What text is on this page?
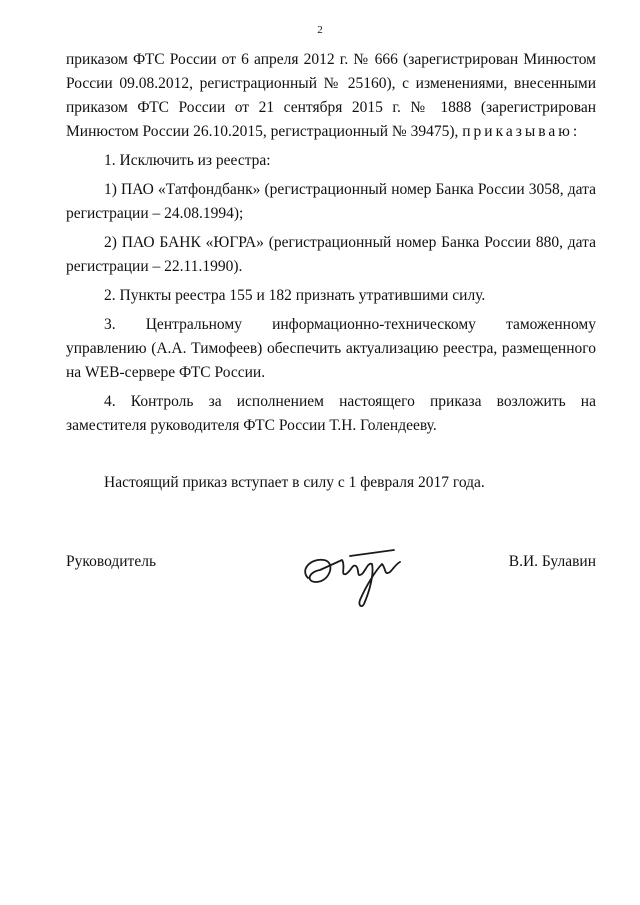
2

приказом ФТС России от 6 апреля 2012 г. № 666 (зарегистрирован Минюстом России 09.08.2012, регистрационный № 25160), с изменениями, внесенными приказом ФТС России от 21 сентября 2015 г. № 1888 (зарегистрирован Минюстом России 26.10.2015, регистрационный № 39475), приказываю:

1. Исключить из реестра:

1) ПАО «Татфондбанк» (регистрационный номер Банка России 3058, дата регистрации – 24.08.1994);

2) ПАО БАНК «ЮГРА» (регистрационный номер Банка России 880, дата регистрации – 22.11.1990).

2. Пункты реестра 155 и 182 признать утратившими силу.

3. Центральному информационно-техническому таможенному управлению (А.А. Тимофеев) обеспечить актуализацию реестра, размещенного на WEB-сервере ФТС России.

4. Контроль за исполнением настоящего приказа возложить на заместителя руководителя ФТС России Т.Н. Голендееву.

Настоящий приказ вступает в силу с 1 февраля 2017 года.
Руководитель	В.И. Булавин
